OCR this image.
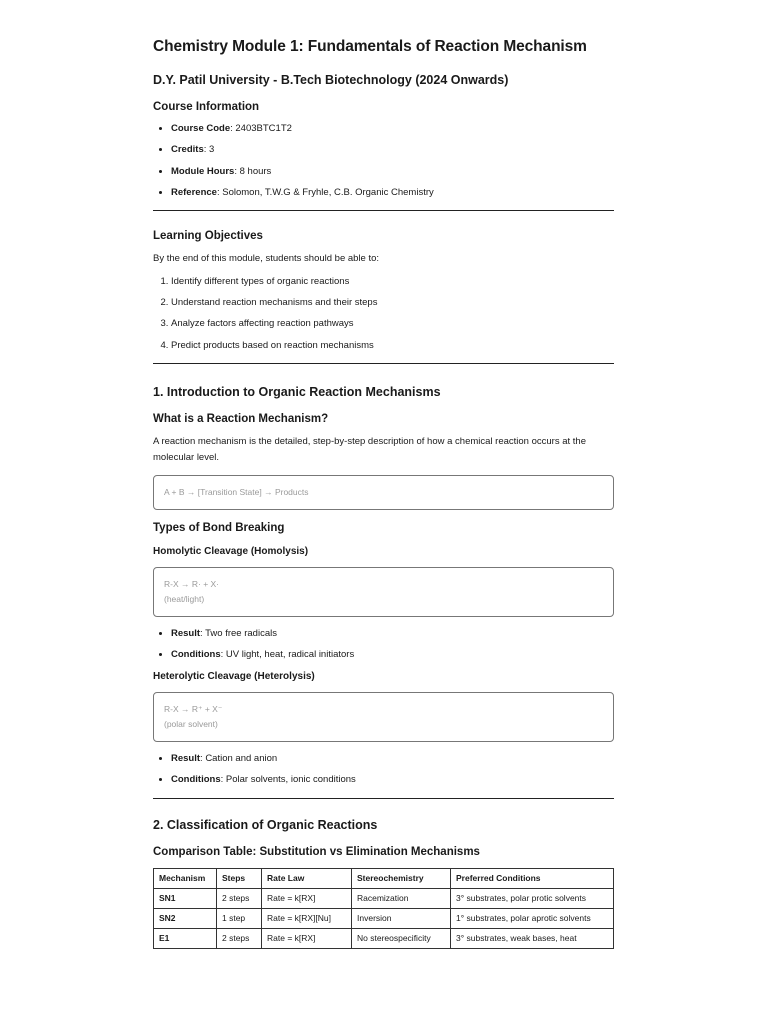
Chemistry Module 1: Fundamentals of Reaction Mechanism
D.Y. Patil University - B.Tech Biotechnology (2024 Onwards)
Course Information
• Course Code: 2403BTC1T2
• Credits: 3
• Module Hours: 8 hours
• Reference: Solomon, T.W.G & Fryhle, C.B. Organic Chemistry
Learning Objectives

By the end of this module, students should be able to:

1. Identify different types of organic reactions
2. Understand reaction mechanisms and their steps
3. Analyze factors affecting reaction pathways
4. Predict products based on reaction mechanisms
1. Introduction to Organic Reaction Mechanisms
What is a Reaction Mechanism?

A reaction mechanism is the detailed, step-by-step description of how a chemical reaction occurs at the molecular level.

A + B → [Transition State] → Products
Types of Bond Breaking
Homolytic Cleavage (Homolysis)
R-X → R· + X·
(heat/light)
• Result: Two free radicals
• Conditions: UV light, heat, radical initiators
Heterolytic Cleavage (Heterolysis)
R-X → R⁺ + X⁻
(polar solvent)
• Result: Cation and anion
• Conditions: Polar solvents, ionic conditions
2. Classification of Organic Reactions
Comparison Table: Substitution vs Elimination Mechanisms
Mechanism	Steps	Rate Law	Stereochemistry	Preferred Conditions
SN1	2 steps	Rate = k[RX]	Racemization	3° substrates, polar protic solvents
SN2	1 step	Rate = k[RX][Nu]	Inversion	1° substrates, polar aprotic solvents
E1	2 steps	Rate = k[RX]	No stereospecificity	3° substrates, weak bases, heat
